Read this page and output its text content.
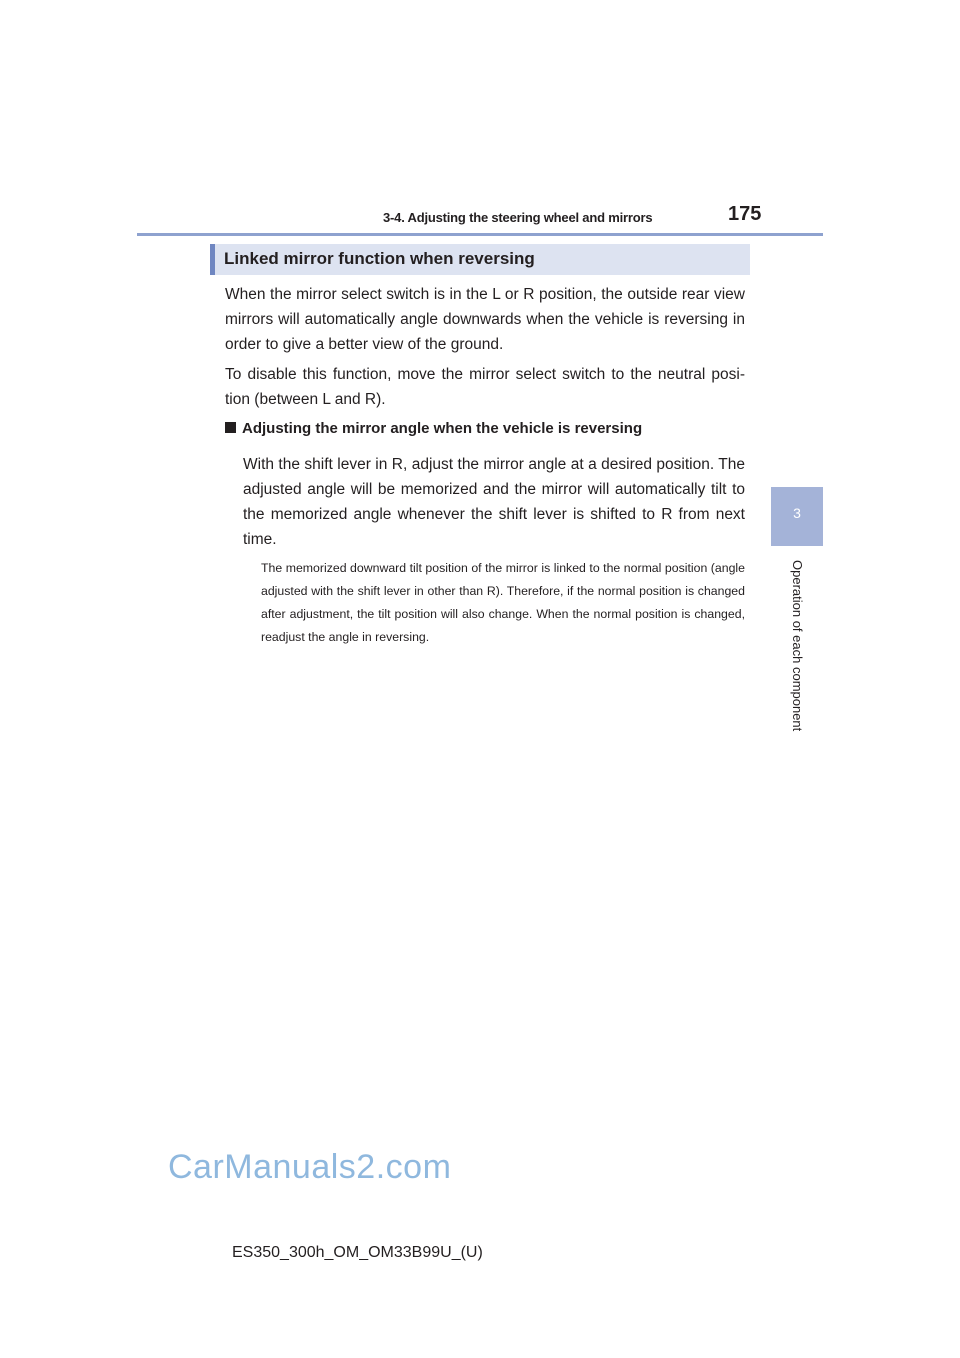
3-4. Adjusting the steering wheel and mirrors	175
3
Operation of each component
Linked mirror function when reversing

When the mirror select switch is in the L or R position, the outside rear view mirrors will automatically angle downwards when the vehicle is reversing in order to give a better view of the ground.

To disable this function, move the mirror select switch to the neutral posi- tion (between L and R).

Adjusting the mirror angle when the vehicle is reversing

With the shift lever in R, adjust the mirror angle at a desired position. The adjusted angle will be memorized and the mirror will automatically tilt to the memorized angle whenever the shift lever is shifted to R from next time.

The memorized downward tilt position of the mirror is linked to the normal position (angle adjusted with the shift lever in other than R). Therefore, if the normal position is changed after adjustment, the tilt position will also change. When the normal position is changed, readjust the angle in reversing.

CarManuals2.com
ES350_300h_OM_OM33B99U_(U)
